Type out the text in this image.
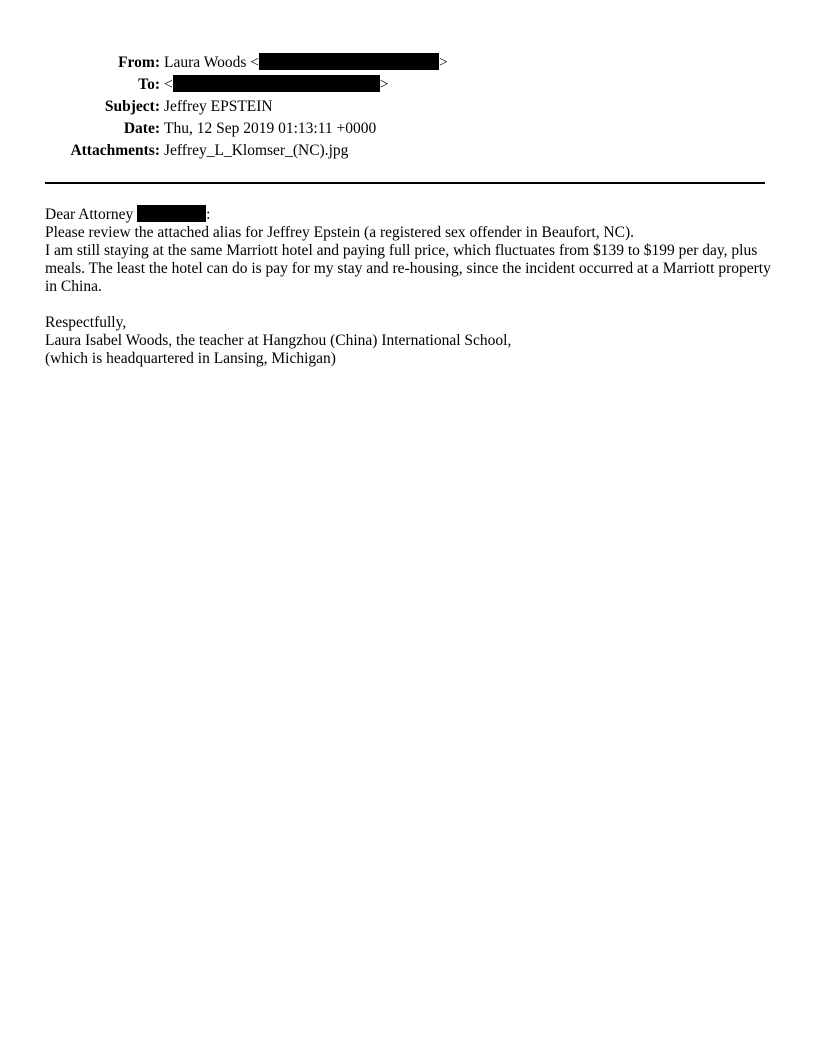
From: Laura Woods <	>
To: <	>
Subject: Jeffrey EPSTEIN
Date: Thu, 12 Sep 2019 01:13:11 +0000
Attachments: Jeffrey_L_Klomser_(NC).jpg

Dear Attorney	:

Please review the attached alias for Jeffrey Epstein (a registered sex offender in Beaufort, NC).

I am still staying at the same Marriott hotel and paying full price, which fluctuates from $139 to $199 per day, plus meals. The least the hotel can do is pay for my stay and re-housing, since the incident occurred at a Marriott property in China.

Respectfully,

Laura Isabel Woods, the teacher at Hangzhou (China) International School,

(which is headquartered in Lansing, Michigan)
